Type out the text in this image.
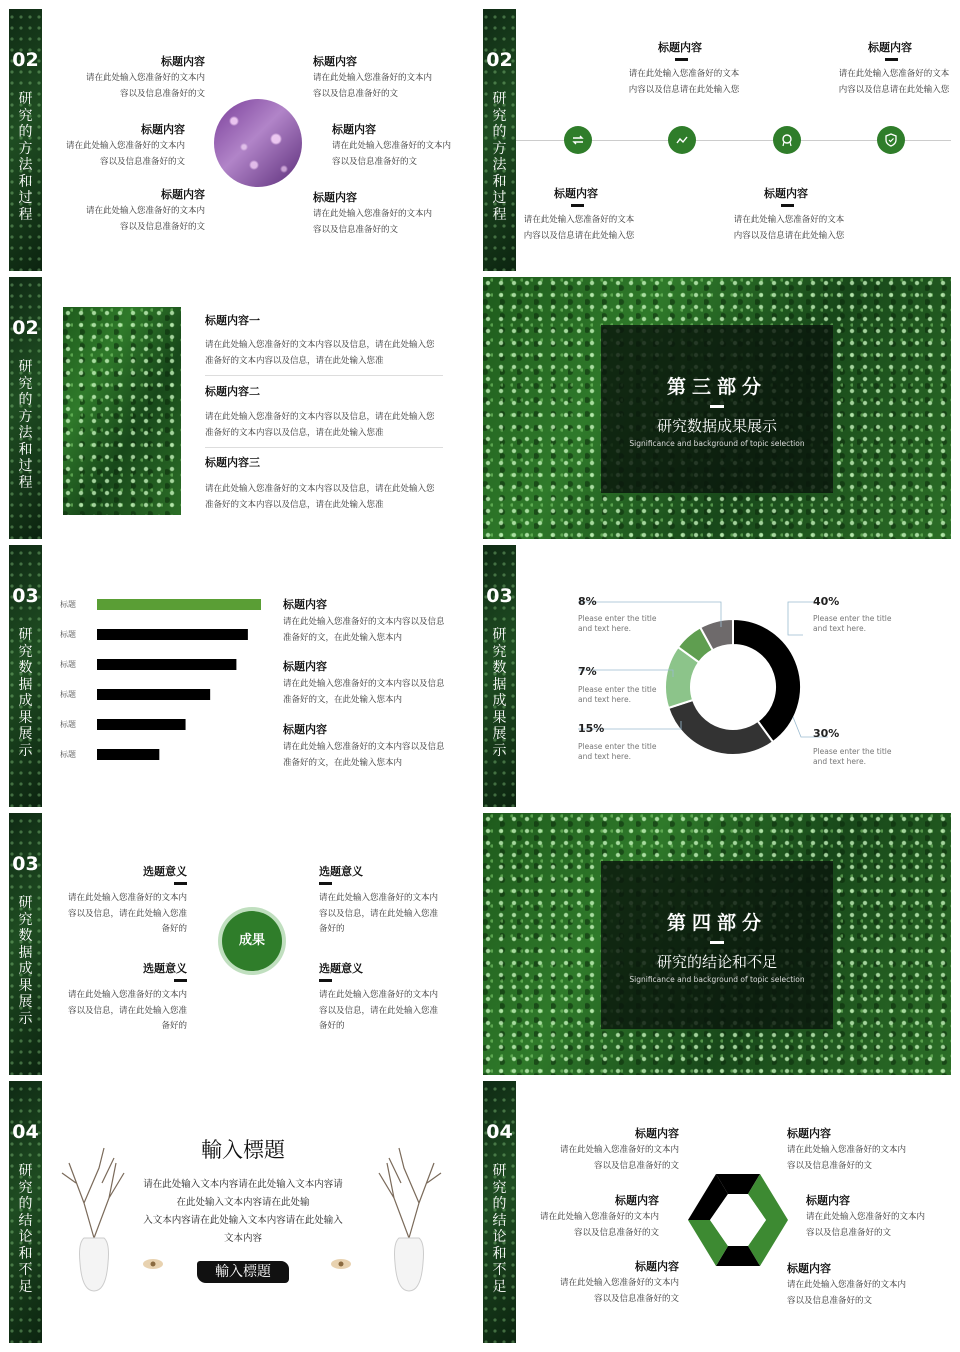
02
研
究
的
方
法
和
过
程
标题内容
请在此处输入您准备好的文本内
容以及信息准备好的文
标题内容
请在此处输入您准备好的文本内
容以及信息准备好的文
标题内容
请在此处输入您准备好的文本内
容以及信息准备好的文
标题内容
请在此处输入您准备好的文本内
容以及信息准备好的文
标题内容
请在此处输入您准备好的文本内
容以及信息准备好的文
标题内容
请在此处输入您准备好的文本内
容以及信息准备好的文
02
研
究
的
方
法
和
过
程
标题内容
请在此处输入您准备好的文本
内容以及信息请在此处输入您
标题内容
请在此处输入您准备好的文本
内容以及信息请在此处输入您
标题内容
请在此处输入您准备好的文本
内容以及信息请在此处输入您
标题内容
请在此处输入您准备好的文本
内容以及信息请在此处输入您
02
研
究
的
方
法
和
过
程
标题内容一
请在此处输入您准备好的文本内容以及信息，请在此处输入您
准备好的文本内容以及信息，请在此处输入您准
标题内容二
请在此处输入您准备好的文本内容以及信息，请在此处输入您
准备好的文本内容以及信息，请在此处输入您准
标题内容三
请在此处输入您准备好的文本内容以及信息，请在此处输入您
准备好的文本内容以及信息，请在此处输入您准
第三部分
研究数据成果展示
Significance and background of topic selection
03
研
究
数
据
成
果
展
示
标题
标题
标题
标题
标题
标题
标题内容
请在此处输入您准备好的文本内容以及信息
准备好的文，在此处输入您本内
标题内容
请在此处输入您准备好的文本内容以及信息
准备好的文，在此处输入您本内
标题内容
请在此处输入您准备好的文本内容以及信息
准备好的文，在此处输入您本内
03
研
究
数
据
成
果
展
示
8%
Please enter the title
and text here.
7%
Please enter the title
and text here.
15%
Please enter the title
and text here.
40%
Please enter the title
and text here.
30%
Please enter the title
and text here.
03
研
究
数
据
成
果
展
示
成果
选题意义
请在此处输入您准备好的文本内
容以及信息，请在此处输入您准
备好的
选题意义
请在此处输入您准备好的文本内
容以及信息，请在此处输入您准
备好的
选题意义
请在此处输入您准备好的文本内
容以及信息，请在此处输入您准
备好的
选题意义
请在此处输入您准备好的文本内
容以及信息，请在此处输入您准
备好的
第四部分
研究的结论和不足
Significance and background of topic selection
04
研
究
的
结
论
和
不
足
輸入標題
请在此处输入文本内容请在此处输入文本内容请
在此处输入文本内容请在此处输
入文本内容请在此处输入文本内容请在此处输入
文本内容
輸入標題
04
研
究
的
结
论
和
不
足
标题内容
请在此处输入您准备好的文本内
容以及信息准备好的文
标题内容
请在此处输入您准备好的文本内
容以及信息准备好的文
标题内容
请在此处输入您准备好的文本内
容以及信息准备好的文
标题内容
请在此处输入您准备好的文本内
容以及信息准备好的文
标题内容
请在此处输入您准备好的文本内
容以及信息准备好的文
标题内容
请在此处输入您准备好的文本内
容以及信息准备好的文
